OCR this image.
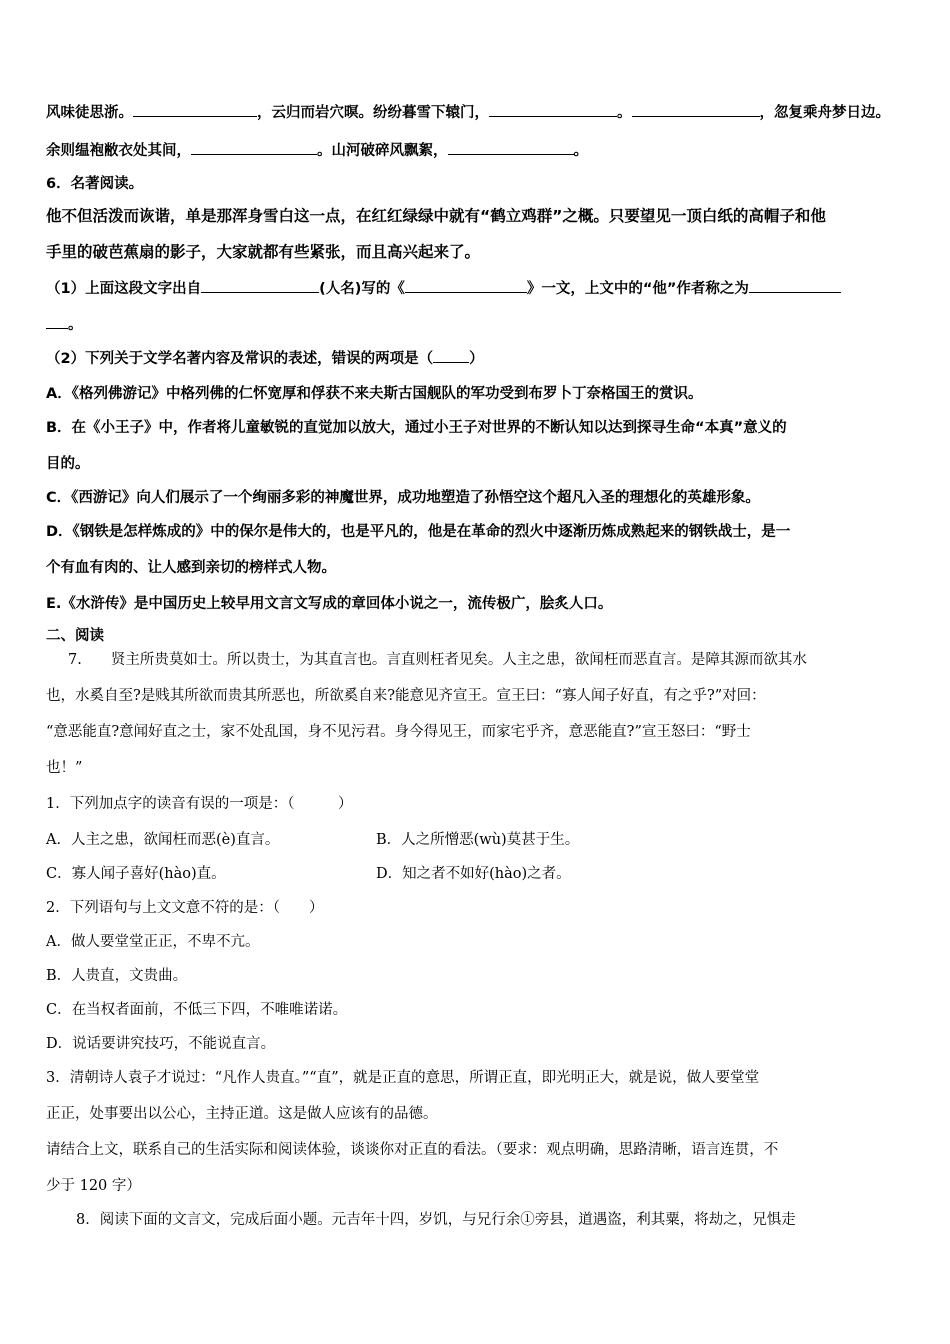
风味徒思浙。	，云归而岩穴暝。纷纷暮雪下辕门，	。	，忽复乘舟梦日边。
余则缊袍敝衣处其间，	。山河破碎风飘絮，	。
6．名著阅读。
他不但活泼而诙谐，单是那浑身雪白这一点，在红红绿绿中就有“鹤立鸡群”之概。只要望见一顶白纸的高帽子和他
手里的破芭蕉扇的影子，大家就都有些紧张，而且高兴起来了。
（1）上面这段文字出自	(人名)写的《	》一文，上文中的“他”作者称之为
。
（2）下列关于文学名著内容及常识的表述，错误的两项是（ ）
A．《格列佛游记》中格列佛的仁怀宽厚和俘获不来夫斯古国舰队的军功受到布罗卜丁奈格国王的赏识。
B．在《小王子》中，作者将儿童敏锐的直觉加以放大，通过小王子对世界的不断认知以达到探寻生命“本真”意义的
目的。
C．《西游记》向人们展示了一个绚丽多彩的神魔世界，成功地塑造了孙悟空这个超凡入圣的理想化的英雄形象。
D．《钢铁是怎样炼成的》中的保尔是伟大的，也是平凡的，他是在革命的烈火中逐渐历炼成熟起来的钢铁战士，是一
个有血有肉的、让人感到亲切的榜样式人物。
E.《水浒传》是中国历史上较早用文言文写成的章回体小说之一，流传极广，脍炙人口。
二、阅读
7.　　贤主所贵莫如士。所以贵士，为其直言也。言直则枉者见矣。人主之患，欲闻枉而恶直言。是障其源而欲其水
也，水奚自至?是贱其所欲而贵其所恶也，所欲奚自来?能意见齐宣王。宣王曰：“寡人闻子好直，有之乎?”对回：
“意恶能直?意闻好直之士，家不处乱国，身不见污君。身今得见王，而家宅乎齐，意恶能直?”宣王怒曰：“野士
也！”
1．下列加点字的读音有误的一项是：（　　　）
A．人主之患，欲闻枉而恶(è)直言。	B．人之所憎恶(wù)莫甚于生。
C．寡人闻子喜好(hào)直。	D．知之者不如好(hào)之者。
2．下列语句与上文文意不符的是：（　　）
A．做人要堂堂正正，不卑不亢。
B．人贵直，文贵曲。
C．在当权者面前，不低三下四，不唯唯诺诺。
D．说话要讲究技巧，不能说直言。
3．清朝诗人袁子才说过：“凡作人贵直。”“直”，就是正直的意思，所谓正直，即光明正大，就是说，做人要堂堂
正正，处事要出以公心，主持正道。这是做人应该有的品德。
请结合上文，联系自己的生活实际和阅读体验，谈谈你对正直的看法。（要求：观点明确，思路清晰，语言连贯，不
少于 120 字）
8．阅读下面的文言文，完成后面小题。元吉年十四，岁饥，与兄行余①旁县，道遇盗，利其粟，将劫之，兄惧走
